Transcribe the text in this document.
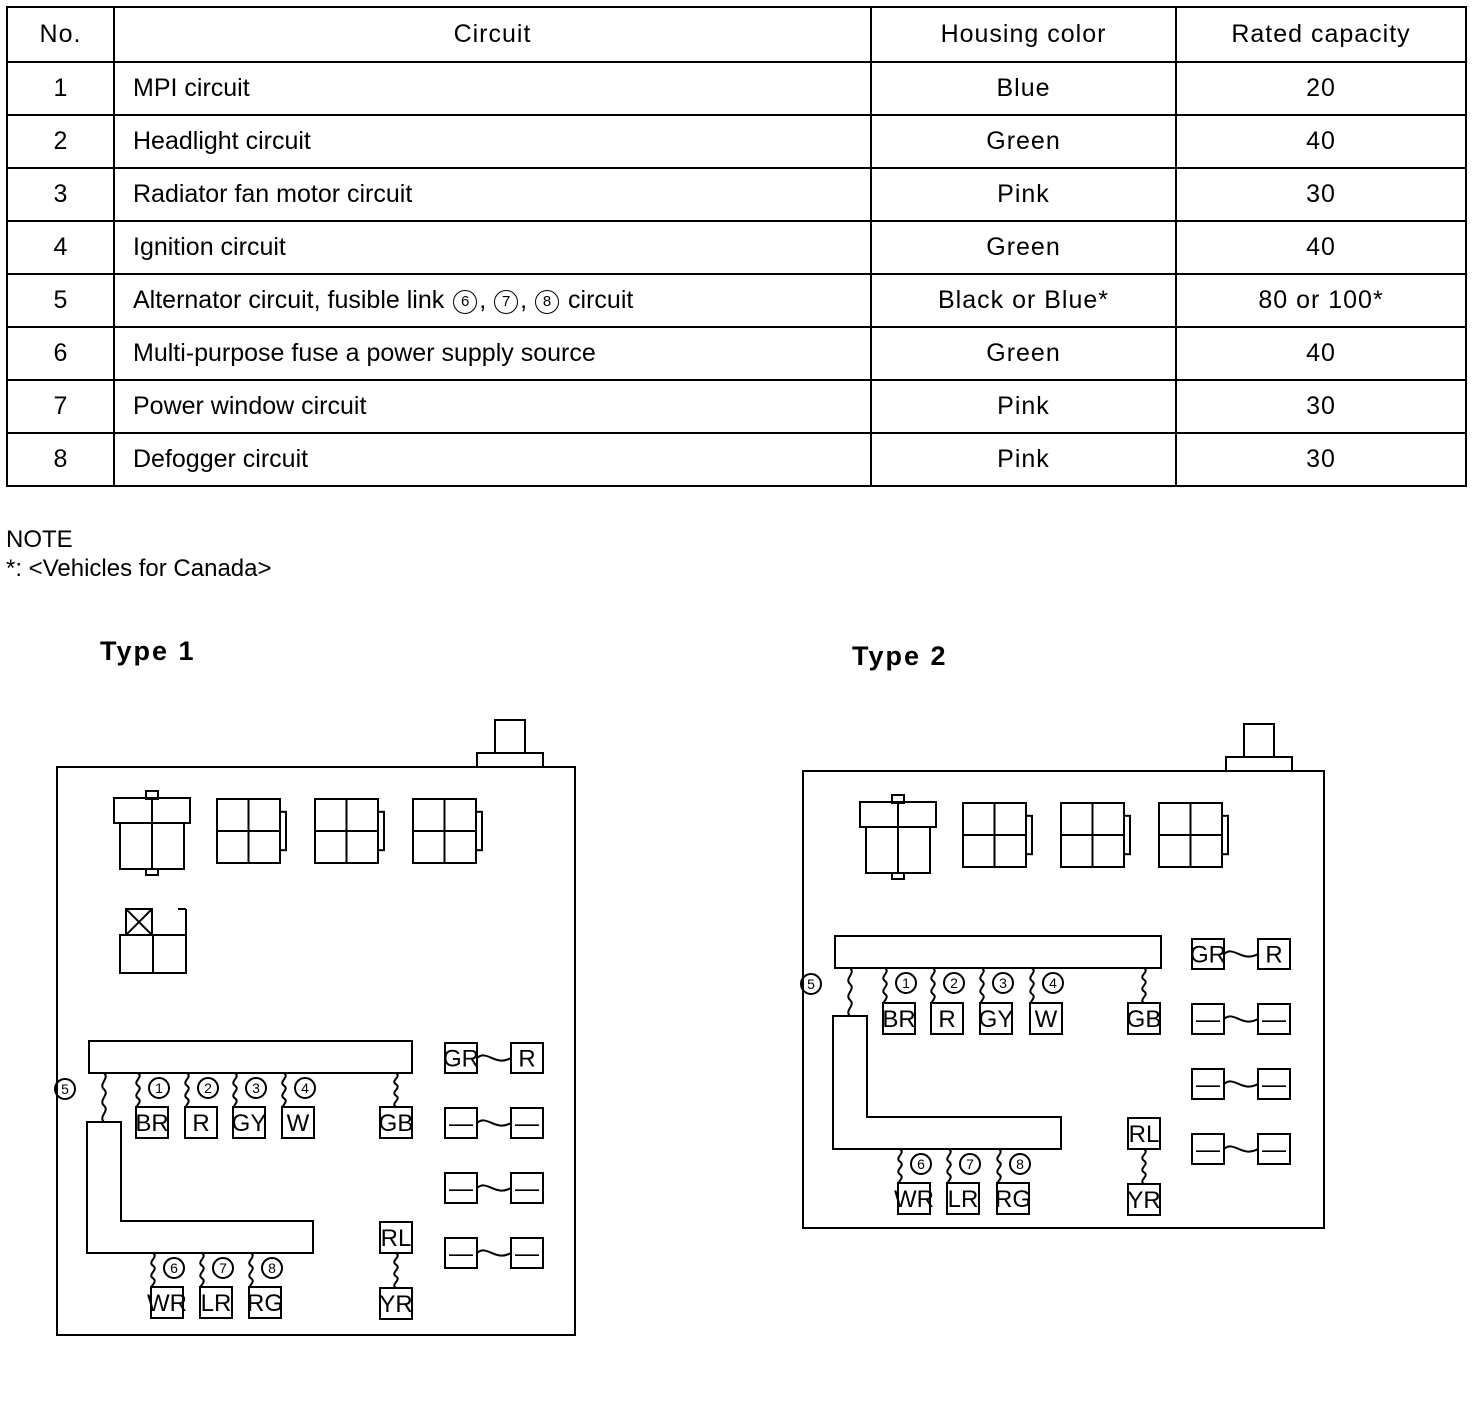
No.	Circuit	Housing color	Rated capacity
1	MPI circuit	Blue	20
2	Headlight circuit	Green	40
3	Radiator fan motor circuit	Pink	30
4	Ignition circuit	Green	40
5	Alternator circuit, fusible link 6 , 7 , 8 circuit	Black or Blue*	80 or 100*
6	Multi-purpose fuse a power supply source	Green	40
7	Power window circuit	Pink	30
8	Defogger circuit	Pink	30
NOTE
*: <Vehicles for Canada>
Type 1	Type 2
5	1
BR
2
R
3
GY
4
W	GB
6
WR
7
LR
8
RG
GR R
— —
— —
— —
RL
YR
5	1
BR
2
R
3
GY
4
W	GB
6
WR
7
LR
8
RG
GR R
— —
— —
— —
RL
YR
